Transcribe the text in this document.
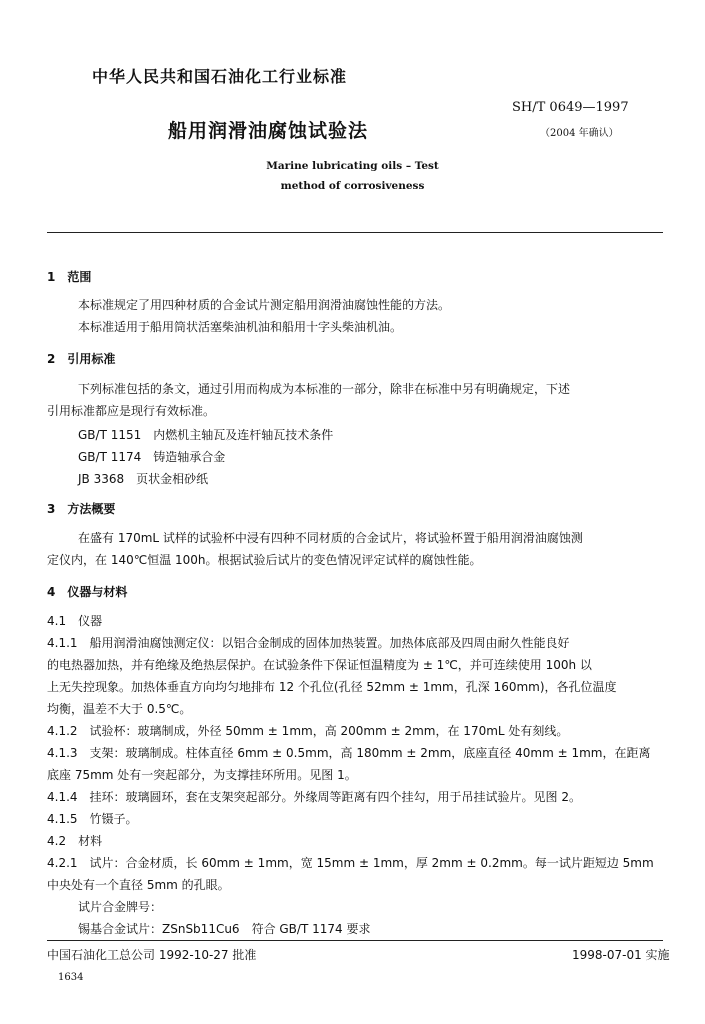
中华人民共和国石油化工行业标准
SH/T 0649—1997
船用润滑油腐蚀试验法	（2004 年确认）
Marine lubricating oils – Test
method of corrosiveness
1　范围
本标准规定了用四种材质的合金试片测定船用润滑油腐蚀性能的方法。
本标准适用于船用筒状活塞柴油机油和船用十字头柴油机油。
2　引用标准
下列标准包括的条文，通过引用而构成为本标准的一部分，除非在标准中另有明确规定，下述
引用标准都应是现行有效标准。
GB/T 1151　内燃机主轴瓦及连杆轴瓦技术条件
GB/T 1174　铸造轴承合金
JB 3368　页状金相砂纸
3　方法概要
在盛有 170mL 试样的试验杯中浸有四种不同材质的合金试片，将试验杯置于船用润滑油腐蚀测
定仪内，在 140℃恒温 100h。根据试验后试片的变色情况评定试样的腐蚀性能。
4　仪器与材料
4.1　仪器
4.1.1　船用润滑油腐蚀测定仪：以铝合金制成的固体加热装置。加热体底部及四周由耐久性能良好
的电热器加热，并有绝缘及绝热层保护。在试验条件下保证恒温精度为 ± 1℃，并可连续使用 100h 以
上无失控现象。加热体垂直方向均匀地排布 12 个孔位(孔径 52mm ± 1mm，孔深 160mm)，各孔位温度
均衡，温差不大于 0.5℃。
4.1.2　试验杯：玻璃制成，外径 50mm ± 1mm，高 200mm ± 2mm，在 170mL 处有刻线。
4.1.3　支架：玻璃制成。柱体直径 6mm ± 0.5mm，高 180mm ± 2mm，底座直径 40mm ± 1mm，在距离
底座 75mm 处有一突起部分，为支撑挂环所用。见图 1。
4.1.4　挂环：玻璃圆环，套在支架突起部分。外缘周等距离有四个挂勾，用于吊挂试验片。见图 2。
4.1.5　竹镊子。
4.2　材料
4.2.1　试片：合金材质，长 60mm ± 1mm，宽 15mm ± 1mm，厚 2mm ± 0.2mm。每一试片距短边 5mm
中央处有一个直径 5mm 的孔眼。
试片合金牌号：
锡基合金试片：ZSnSb11Cu6　符合 GB/T 1174 要求
中国石油化工总公司 1992-10-27 批准	1998-07-01 实施
1634
